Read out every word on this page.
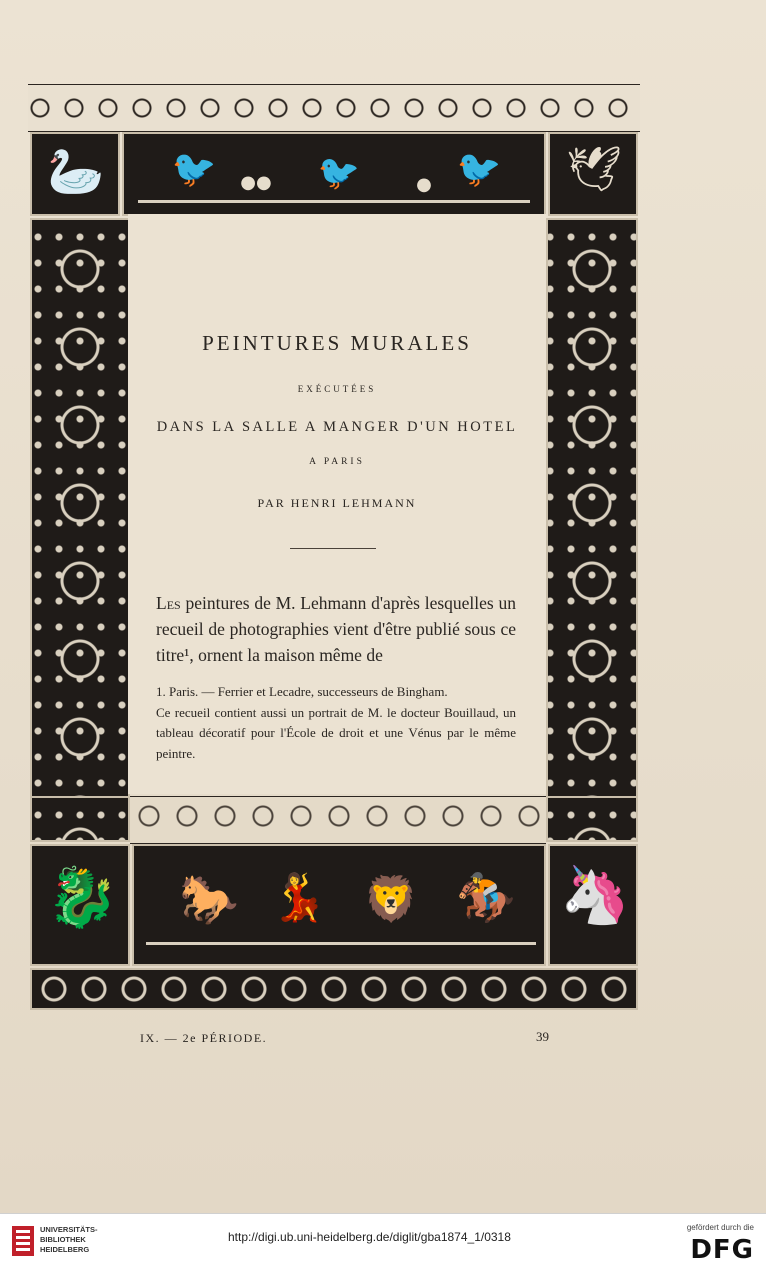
🦢	🐦	●●	🐦	● 🐦	🕊
🐉 🐎 💃 🦁 🏇 🦄
PEINTURES MURALES
EXÉCUTÉES
DANS LA SALLE A MANGER D'UN HOTEL
A PARIS
PAR HENRI LEHMANN

Les peintures de M. Lehmann d'après lesquelles un recueil de photographies vient d'être publié sous ce titre¹, ornent la maison même de

1. Paris. — Ferrier et Lecadre, successeurs de Bingham.
Ce recueil contient aussi un portrait de M. le docteur Bouillaud, un tableau décoratif pour l'École de droit et une Vénus par le même peintre.
IX. — 2e PÉRIODE.	39
UNIVERSITÄTS-
BIBLIOTHEK
HEIDELBERG
http://digi.ub.uni-heidelberg.de/diglit/gba1874_1/0318
gefördert durch die
DFG
